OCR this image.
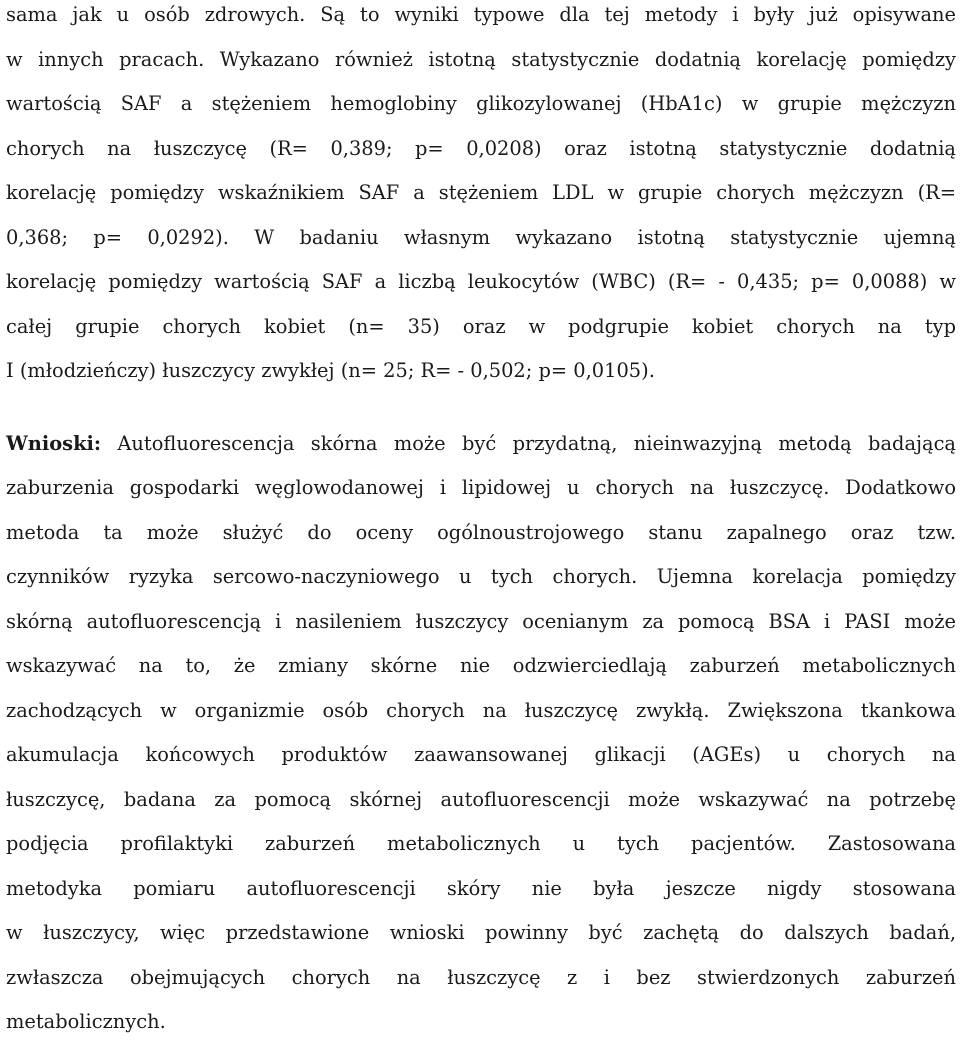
sama jak u osób zdrowych. Są to wyniki typowe dla tej metody i były już opisywane
w innych pracach. Wykazano również istotną statystycznie dodatnią korelację pomiędzy
wartością SAF a stężeniem hemoglobiny glikozylowanej (HbA1c) w grupie mężczyzn
chorych na łuszczycę (R= 0,389; p= 0,0208) oraz istotną statystycznie dodatnią
korelację pomiędzy wskaźnikiem SAF a stężeniem LDL w grupie chorych mężczyzn (R=
0,368; p= 0,0292). W badaniu własnym wykazano istotną statystycznie ujemną
korelację pomiędzy wartością SAF a liczbą leukocytów (WBC) (R= - 0,435; p= 0,0088) w
całej grupie chorych kobiet (n= 35) oraz w podgrupie kobiet chorych na typ
I (młodzieńczy) łuszczycy zwykłej (n= 25; R= - 0,502; p= 0,0105).
Wnioski: Autofluorescencja skórna może być przydatną, nieinwazyjną metodą badającą
zaburzenia gospodarki węglowodanowej i lipidowej u chorych na łuszczycę. Dodatkowo
metoda ta może służyć do oceny ogólnoustrojowego stanu zapalnego oraz tzw.
czynników ryzyka sercowo-naczyniowego u tych chorych. Ujemna korelacja pomiędzy
skórną autofluorescencją i nasileniem łuszczycy ocenianym za pomocą BSA i PASI może
wskazywać na to, że zmiany skórne nie odzwierciedlają zaburzeń metabolicznych
zachodzących w organizmie osób chorych na łuszczycę zwykłą. Zwiększona tkankowa
akumulacja końcowych produktów zaawansowanej glikacji (AGEs) u chorych na
łuszczycę, badana za pomocą skórnej autofluorescencji może wskazywać na potrzebę
podjęcia profilaktyki zaburzeń metabolicznych u tych pacjentów. Zastosowana
metodyka pomiaru autofluorescencji skóry nie była jeszcze nigdy stosowana
w łuszczycy, więc przedstawione wnioski powinny być zachętą do dalszych badań,
zwłaszcza obejmujących chorych na łuszczycę z i bez stwierdzonych zaburzeń
metabolicznych.
